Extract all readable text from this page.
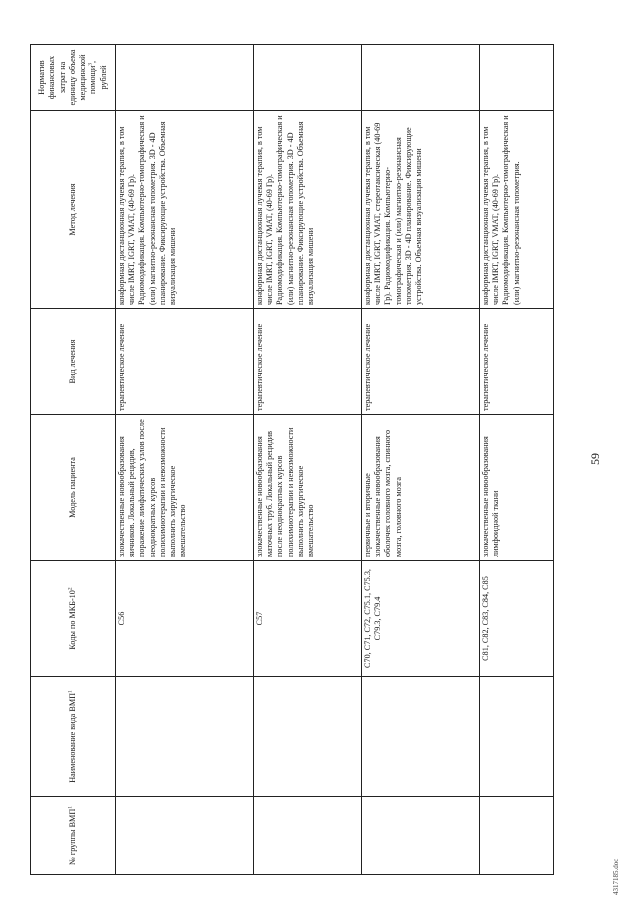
№ группы ВМП$^1$	Наименование вида ВМП$^1$	Коды по МКБ-$10^2$	Модель пациента	Вид лечения	Метод лечения	Норматив финансовых затрат на единицу объема медицинской помощи$^3$, рублей
		C56	злокачественные новообразования яичников. Локальный рецидив, поражение лимфатических узлов после неоднократных курсов полихимиотерапии и невозможности выполнить хирургическое вмешательство	терапевтическое лечение	конформная дистанционная лучевая терапия, в том числе IMRT, IGRT, VMAT, (40-69 Гр). Радиомодификация. Компьютерно-томографическая и (или) магнитно-резонансная топометрия. 3D - 4D планирование. Фиксирующие устройства. Объемная визуализация мишени	
		C57	злокачественные новообразования маточных труб. Локальный рецидив после неоднократных курсов полихимиотерапии и невозможности выполнить хирургическое вмешательство	терапевтическое лечение	конформная дистанционная лучевая терапия, в том числе IMRT, IGRT, VMAT, (40-69 Гр). Радиомодификация. Компьютерно-томографическая и (или) магнитно-резонансная топометрия. 3D - 4D планирование. Фиксирующие устройства. Объемная визуализация мишени	
		C70, C71, C72, C75.1, C75.3, C79.3, C79.4	первичные и вторичные злокачественные новообразования оболочек головного мозга, спинного мозга, головного мозга	терапевтическое лечение	конформная дистанционная лучевая терапия, в том числе IMRT, IGRT, VMAT, стереотаксическая (40-69 Гр). Радиомодификация. Компьютерно-томографическая и (или) магнитно-резонансная топометрия. 3D - 4D планирование. Фиксирующие устройства. Объемная визуализация мишени	
		C81, C82, C83, C84, C85	злокачественные новообразования лимфоидной ткани	терапевтическое лечение	конформная дистанционная лучевая терапия, в том числе IMRT, IGRT, VMAT, (40-69 Гр). Радиомодификация. Компьютерно-томографическая и (или) магнитно-резонансная топометрия.	
59
4317185.doc
